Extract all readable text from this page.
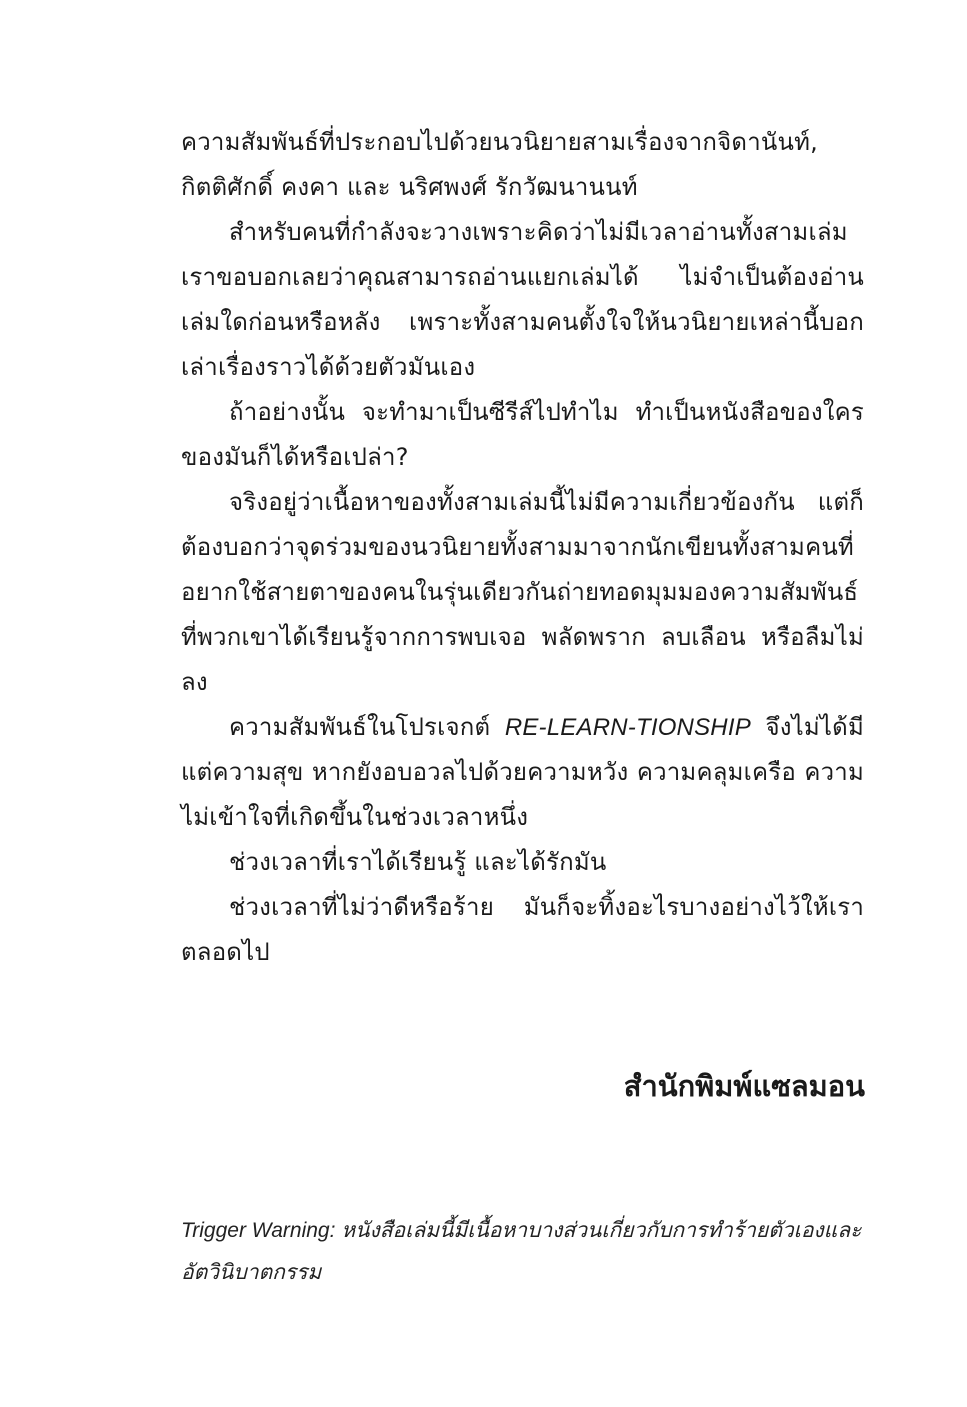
ความสัมพันธ์ที่ประกอบไปด้วยนวนิยายสามเรื่องจากจิดานันท์, กิตติศักดิ์ คงคา และ นริศพงศ์ รักวัฒนานนท์

สำหรับคนที่กำลังจะวางเพราะคิดว่าไม่มีเวลาอ่านทั้งสามเล่ม เราขอบอกเลยว่าคุณสามารถอ่านแยกเล่มได้ ไม่จำเป็นต้องอ่านเล่มใดก่อนหรือหลัง เพราะทั้งสามคนตั้งใจให้นวนิยายเหล่านี้บอกเล่าเรื่องราวได้ด้วยตัวมันเอง

ถ้าอย่างนั้น จะทำมาเป็นซีรีส์ไปทำไม ทำเป็นหนังสือของใครของมันก็ได้หรือเปล่า?

จริงอยู่ว่าเนื้อหาของทั้งสามเล่มนี้ไม่มีความเกี่ยวข้องกัน แต่ก็ต้องบอกว่าจุดร่วมของนวนิยายทั้งสามมาจากนักเขียนทั้งสามคนที่อยากใช้สายตาของคนในรุ่นเดียวกันถ่ายทอดมุมมองความสัมพันธ์ที่พวกเขาได้เรียนรู้จากการพบเจอ พลัดพราก ลบเลือน หรือลืมไม่ลง

ความสัมพันธ์ในโปรเจกต์ RE-LEARN-TIONSHIP จึงไม่ได้มีแต่ความสุข หากยังอบอวลไปด้วยความหวัง ความคลุมเครือ ความไม่เข้าใจที่เกิดขึ้นในช่วงเวลาหนึ่ง

ช่วงเวลาที่เราได้เรียนรู้ และได้รักมัน

ช่วงเวลาที่ไม่ว่าดีหรือร้าย มันก็จะทิ้งอะไรบางอย่างไว้ให้เราตลอดไป

สำนักพิมพ์แซลมอน
Trigger Warning: หนังสือเล่มนี้มีเนื้อหาบางส่วนเกี่ยวกับการทำร้ายตัวเองและอัตวินิบาตกรรม
